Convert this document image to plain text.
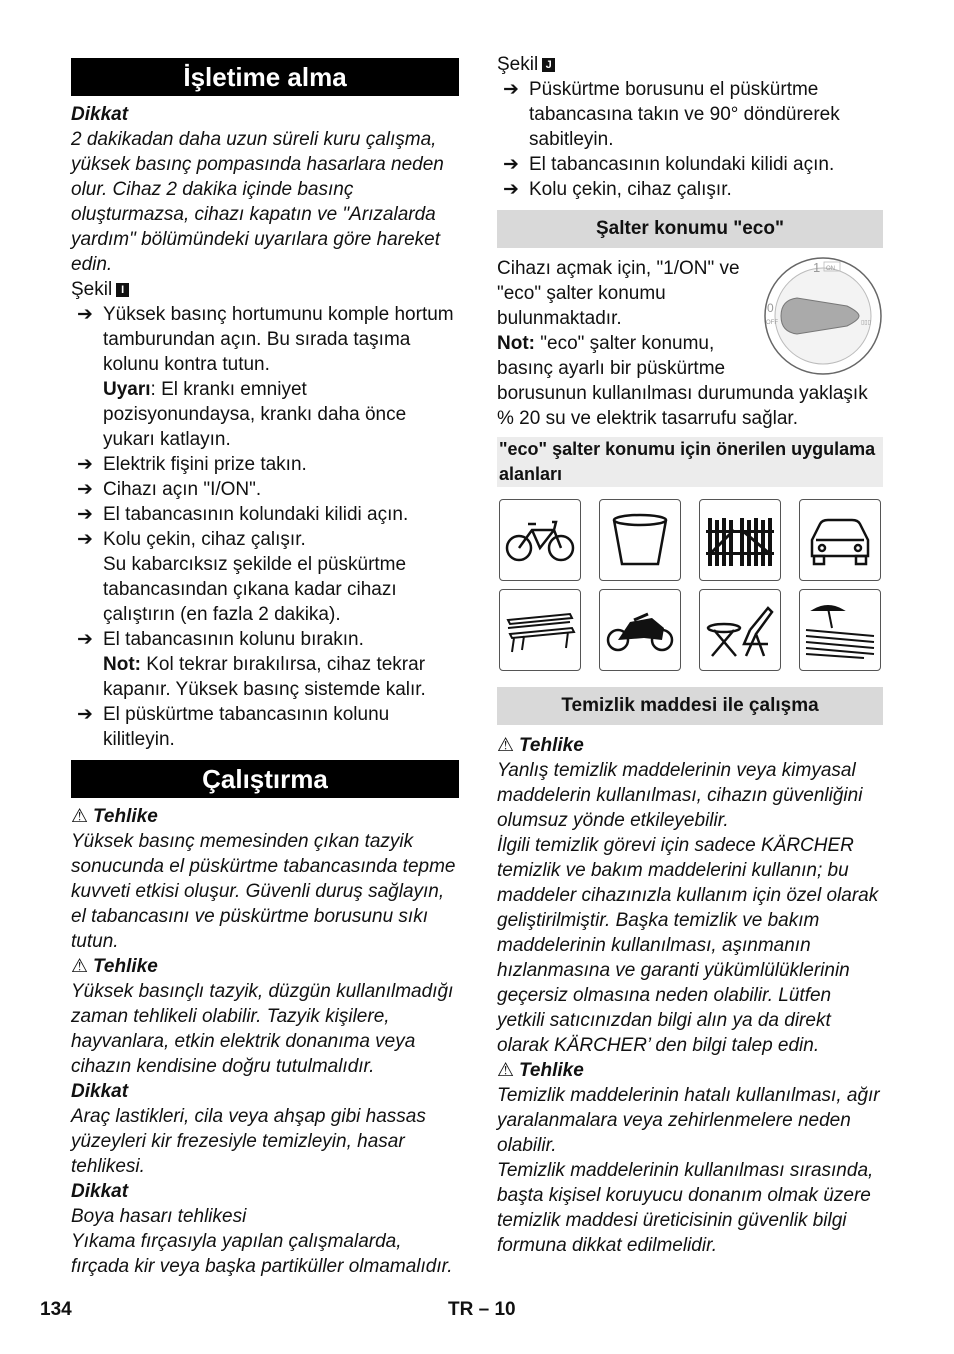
İşletime alma

Dikkat

2 dakikadan daha uzun süreli kuru çalışma, yüksek basınç pompasında hasarlara neden olur. Cihaz 2 dakika içinde basınç oluşturmazsa, cihazı kapatın ve "Arızalarda yardım" bölümündeki uyarılara göre hareket edin.

Şekil I

➔ Yüksek basınç hortumunu komple hortum tamburundan açın. Bu sırada taşıma kolunu kontra tutun.

Uyarı: El krankı emniyet pozisyonundaysa, krankı daha önce yukarı katlayın.

➔ Elektrik fişini prize takın.

➔ Cihazı açın "I/ON".

➔ El tabancasının kolundaki kilidi açın.

➔ Kolu çekin, cihaz çalışır.

Su kabarcıksız şekilde el püskürtme tabancasından çıkana kadar cihazı çalıştırın (en fazla 2 dakika).

➔ El tabancasının kolunu bırakın.

Not: Kol tekrar bırakılırsa, cihaz tekrar kapanır. Yüksek basınç sistemde kalır.

➔ El püskürtme tabancasının kolunu kilitleyin.

Çalıştırma

⚠ Tehlike

Yüksek basınç memesinden çıkan tazyik sonucunda el püskürtme tabancasında tepme kuvveti etkisi oluşur. Güvenli duruş sağlayın, el tabancasını ve püskürtme borusunu sıkı tutun.

⚠ Tehlike

Yüksek basınçlı tazyik, düzgün kullanılmadığı zaman tehlikeli olabilir. Tazyik kişilere, hayvanlara, etkin elektrik donanıma veya cihazın kendisine doğru tutulmalıdır.

Dikkat

Araç lastikleri, cila veya ahşap gibi hassas yüzeyleri kir frezesiyle temizleyin, hasar tehlikesi.

Dikkat

Boya hasarı tehlikesi

Yıkama fırçasıyla yapılan çalışmalarda, fırçada kir veya başka partiküller olmamalıdır.

Şekil J

➔ Püskürtme borusunu el püskürtme tabancasına takın ve 90° döndürerek sabitleyin.

➔ El tabancasının kolundaki kilidi açın.

➔ Kolu çekin, cihaz çalışır.

Şalter konumu "eco"
1 ON
0
OFF	▯▯▯

Cihazı açmak için, "1/ON" ve "eco" şalter konumu bulunmaktadır.

Not: "eco" şalter konumu, basınç ayarlı bir püskürtme borusunun kullanılması durumunda yaklaşık % 20 su ve elektrik tasarrufu sağlar.

"eco" şalter konumu için önerilen uygulama alanları
Temizlik maddesi ile çalışma

⚠ Tehlike

Yanlış temizlik maddelerinin veya kimyasal maddelerin kullanılması, cihazın güvenliğini olumsuz yönde etkileyebilir.

İlgili temizlik görevi için sadece KÄRCHER temizlik ve bakım maddelerini kullanın; bu maddeler cihazınızla kullanım için özel olarak geliştirilmiştir. Başka temizlik ve bakım maddelerinin kullanılması, aşınmanın hızlanmasına ve garanti yükümlülüklerinin geçersiz olmasına neden olabilir. Lütfen yetkili satıcınızdan bilgi alın ya da direkt olarak KÄRCHER’ den bilgi talep edin.

⚠ Tehlike

Temizlik maddelerinin hatalı kullanılması, ağır yaralanmalara veya zehirlenmelere neden olabilir.

Temizlik maddelerinin kullanılması sırasında, başta kişisel koruyucu donanım olmak üzere temizlik maddesi üreticisinin güvenlik bilgi formuna dikkat edilmelidir.

134	TR – 10
